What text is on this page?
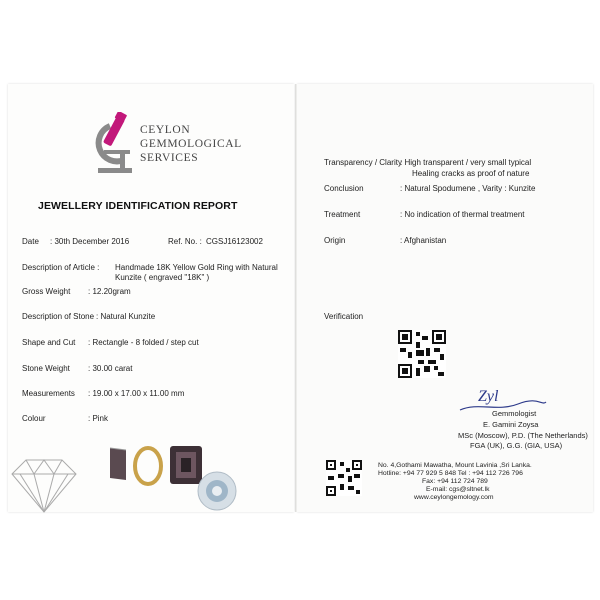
CEYLON
GEMMOLOGICAL
SERVICES
JEWELLERY IDENTIFICATION REPORT
Date : 30th December 2016	Ref. No. : CGSJ16123002
Description of Article : Handmade 18K Yellow Gold Ring with Natural Kunzite ( engraved "18K" )
Gross Weight : 12.20gram
Description of Stone : Natural Kunzite
Shape and Cut : Rectangle - 8 folded / step cut
Stone Weight : 30.00 carat
Measurements : 19.00 x 17.00 x 11.00 mm
Colour	: Pink
Transparency / Clarity
: High transparent / very small typical
Healing cracks as proof of nature
Conclusion	: Natural Spodumene , Varity : Kunzite
Treatment	: No indication of thermal treatment
Origin	: Afghanistan
Verification
Zyl
Gemmologist
E. Gamini Zoysa
MSc (Moscow), P.D. (The Netherlands)
FGA (UK), G.G. (GIA, USA)
No. 4,Gothami Mawatha, Mount Lavinia ,Sri Lanka.
Hotline: +94 77 929 5 848 Tel : +94 112 726 796
Fax: +94 112 724 789
E-mail: cgs@sltnet.lk
www.ceylongemology.com
